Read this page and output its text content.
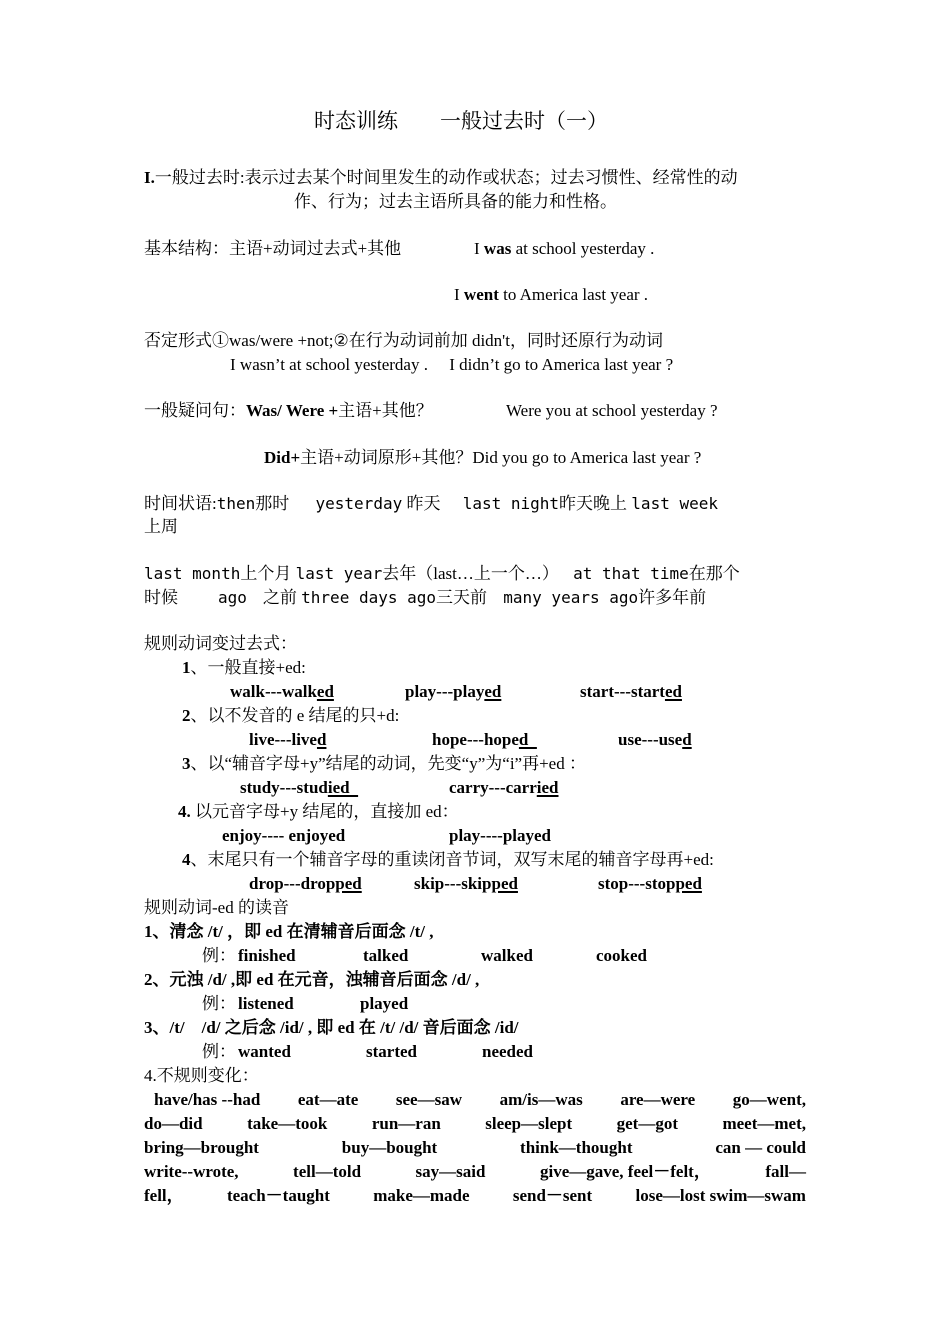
时态训练　　一般过去时（一）
I.一般过去时:表示过去某个时间里发生的动作或状态；过去习惯性、经常性的动
作、行为；过去主语所具备的能力和性格。
基本结构：主语+动词过去式+其他	I was at school yesterday .
I went to America last year .
否定形式①was/were +not;②在行为动词前加 didn't，同时还原行为动词
I wasn’t at school yesterday .　 I didn’t go to America last year ?
一般疑问句：Was/ Were +主语+其他？	Were you at school yesterday ?
Did+主语+动词原形+其他？Did you go to America last year ?
时间状语:then那时 yesterday 昨天 last night昨天晚上 last week
上周
last month上个月 last year去年（last…上一个…） at that time在那个
时候	ago 之前 three days ago三天前 many years ago许多年前
规则动词变过去式：
1、一般直接+ed:
walk---walked	play---played	start---started
2、以不发音的 e 结尾的只+d:
live---lived	hope---hoped	use---used
3、以“辅音字母+y”结尾的动词，先变“y”为“i”再+ed ：
study---studied	carry---carried
4. 以元音字母+y 结尾的，直接加 ed：
enjoy---- enjoyed	play----played
4、末尾只有一个辅音字母的重读闭音节词，双写末尾的辅音字母再+ed:
drop---dropped	skip---skipped	stop---stopped
规则动词-ed 的读音
1、清念 /t/ ，即 ed 在清辅音后面念 /t/ ,
例： finished	talked	walked	cooked
2、元浊 /d/ ,即 ed 在元音，浊辅音后面念 /d/ ,
例： listened	played
3、/t/　/d/ 之后念 /id/ , 即 ed 在 /t/ /d/ 音后面念 /id/
例： wanted	started	needed
4.不规则变化：
have/has --had eat—ate see—saw am/is—was are—were go—went,
do—did	take—took	run—ran	sleep—slept	get—got	meet—met,
bring—brought	buy—bought	think—thought	can — could
write--wrote,	tell—told	say—said	give—gave, feel－felt，	fall—
fell，	teach－taught	make—made	send－sent	lose—lost swim—swam
